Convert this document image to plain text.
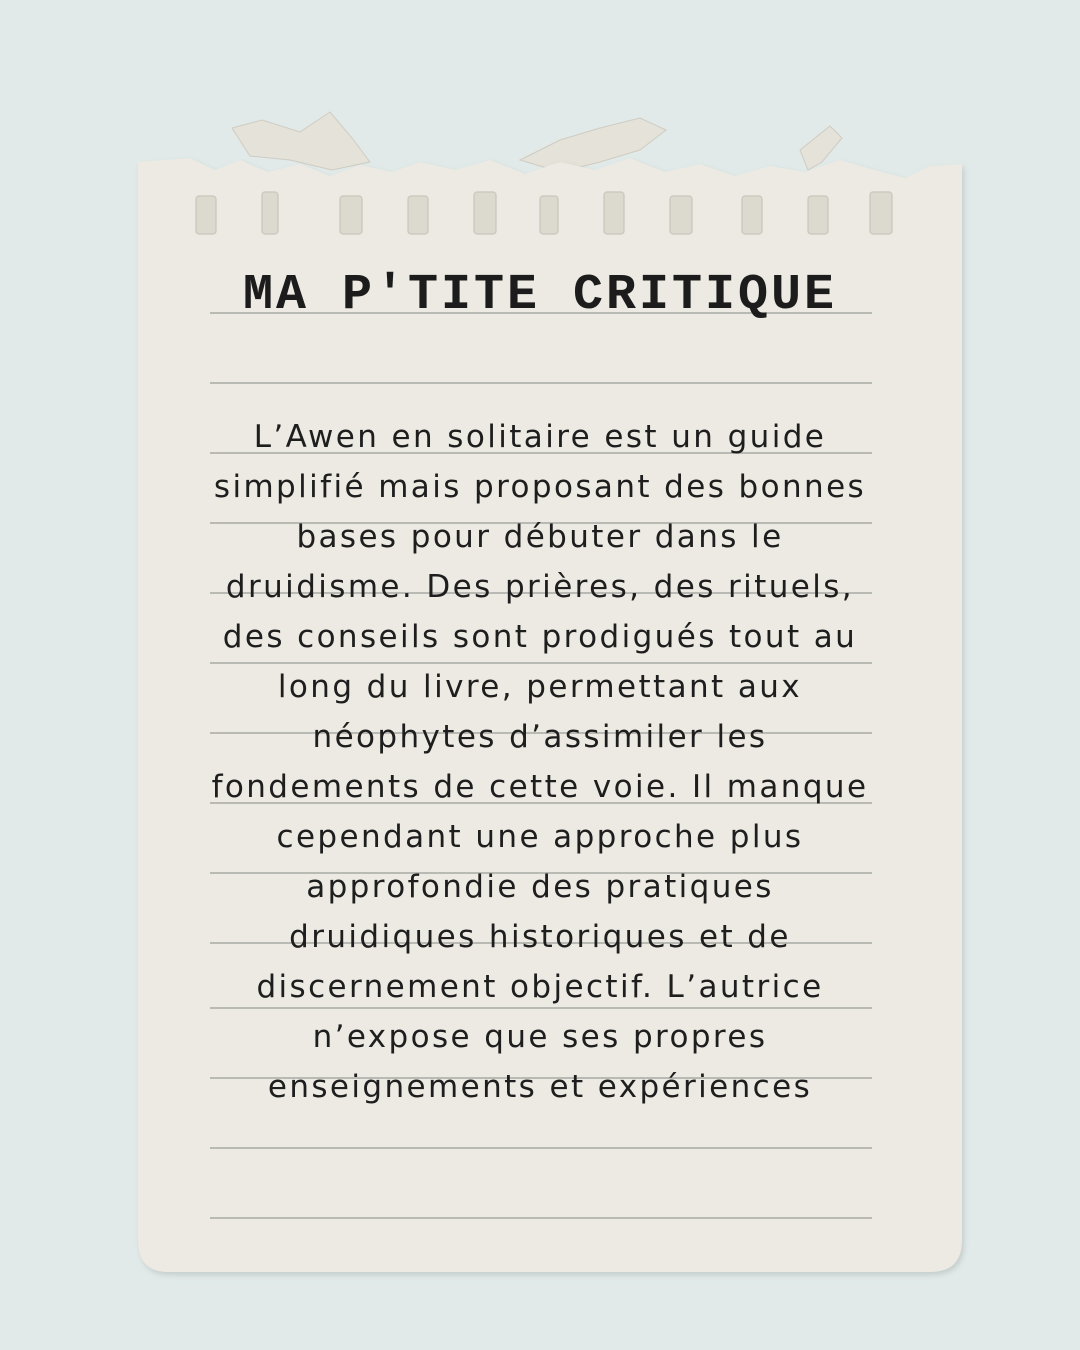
MA P'TITE CRITIQUE
L’Awen en solitaire est un guide
simplifié mais proposant des bonnes
bases pour débuter dans le
druidisme. Des prières, des rituels,
des conseils sont prodigués tout au
long du livre, permettant aux
néophytes d’assimiler les
fondements de cette voie. Il manque
cependant une approche plus
approfondie des pratiques
druidiques historiques et de
discernement objectif. L’autrice
n’expose que ses propres
enseignements et expériences
